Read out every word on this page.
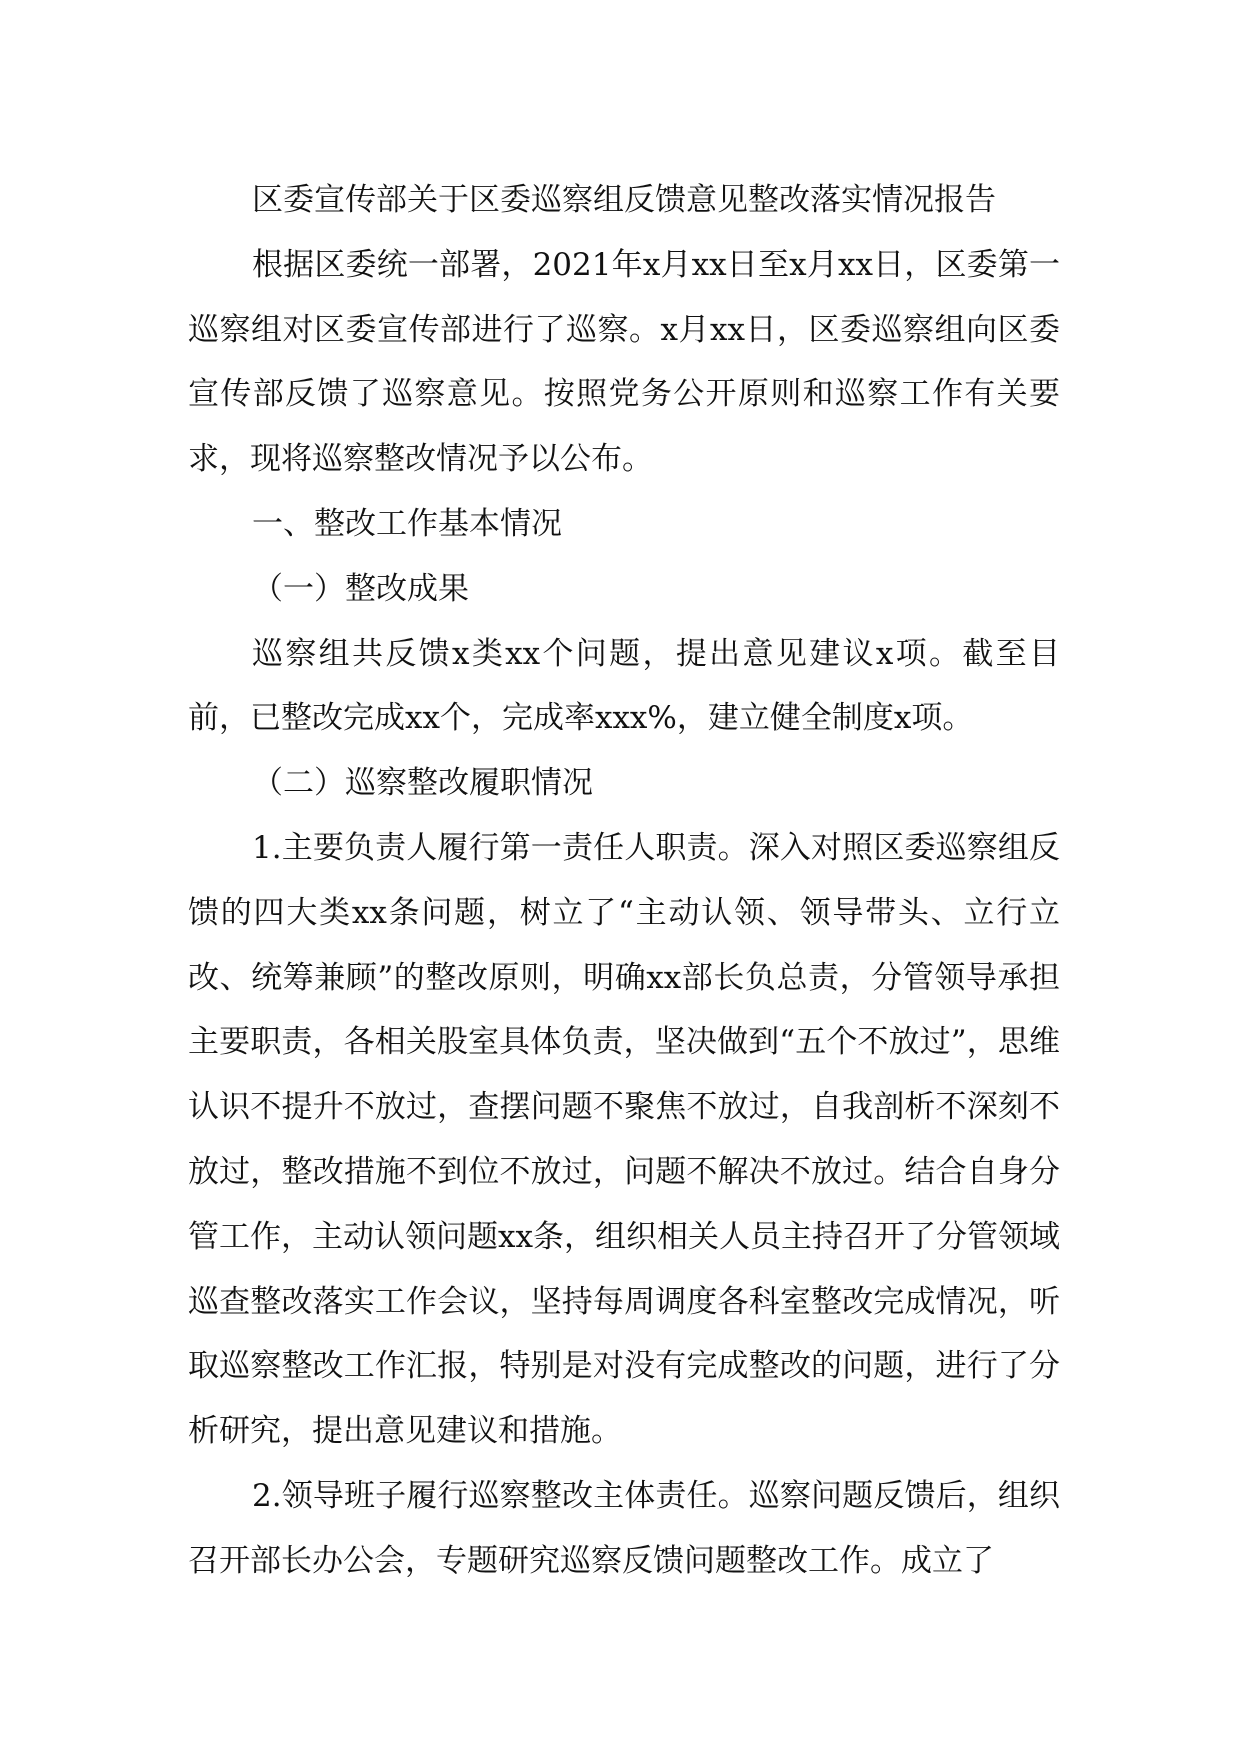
区委宣传部关于区委巡察组反馈意见整改落实情况报告

根据区委统一部署，2021年x月xx日至x月xx日，区委第一巡察组对区委宣传部进行了巡察。x月xx日，区委巡察组向区委宣传部反馈了巡察意见。按照党务公开原则和巡察工作有关要求，现将巡察整改情况予以公布。

一、整改工作基本情况

（一）整改成果

巡察组共反馈x类xx个问题，提出意见建议x项。截至目前，已整改完成xx个，完成率xxx%，建立健全制度x项。

（二）巡察整改履职情况

1.主要负责人履行第一责任人职责。深入对照区委巡察组反馈的四大类xx条问题，树立了“主动认领、领导带头、立行立改、统筹兼顾”的整改原则，明确xx部长负总责，分管领导承担主要职责，各相关股室具体负责，坚决做到“五个不放过”，思维认识不提升不放过，查摆问题不聚焦不放过，自我剖析不深刻不放过，整改措施不到位不放过，问题不解决不放过。结合自身分管工作，主动认领问题xx条，组织相关人员主持召开了分管领域巡查整改落实工作会议，坚持每周调度各科室整改完成情况，听取巡察整改工作汇报，特别是对没有完成整改的问题，进行了分析研究，提出意见建议和措施。

2.领导班子履行巡察整改主体责任。巡察问题反馈后，组织召开部长办公会，专题研究巡察反馈问题整改工作。成立了
